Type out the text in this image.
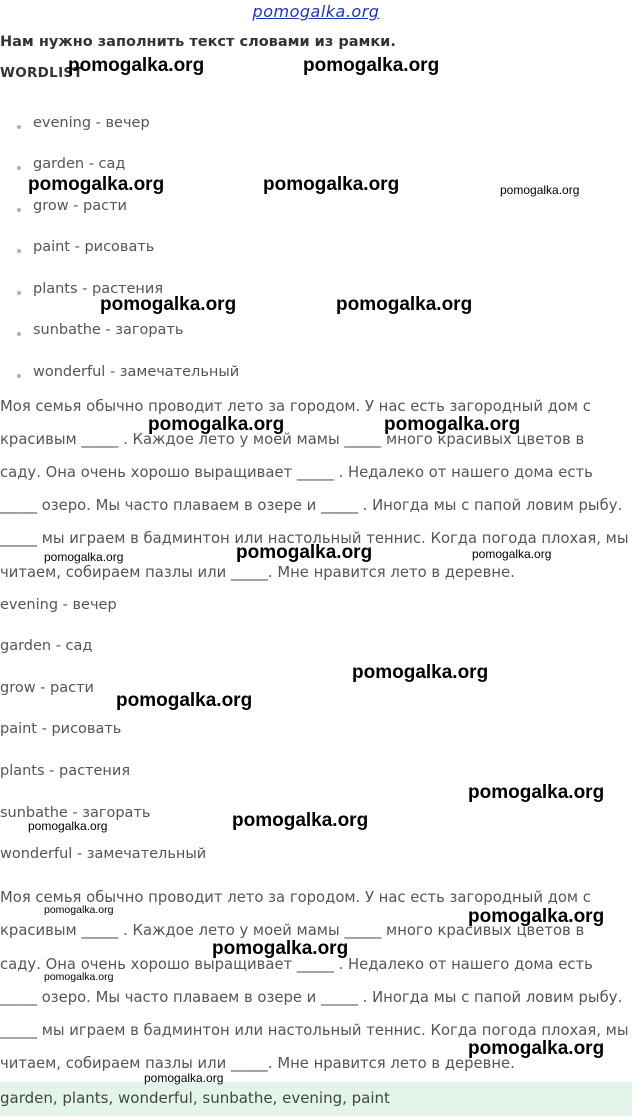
pomogalka.org
Нам нужно заполнить текст словами из рамки.
WORDLIST
evening - вечер
garden - сад
grow - расти
paint - рисовать
plants - растения
sunbathe - загорать
wonderful - замечательный
Моя семья обычно проводит лето за городом. У нас есть загородный дом с
красивым _____ . Каждое лето у моей мамы _____ много красивых цветов в
саду. Она очень хорошо выращивает _____ . Недалеко от нашего дома есть
_____ озеро. Мы часто плаваем в озере и _____ . Иногда мы с папой ловим рыбу.
_____ мы играем в бадминтон или настольный теннис. Когда погода плохая, мы
читаем, собираем пазлы или _____. Мне нравится лето в деревне.
evening - вечер
garden - сад
grow - расти
paint - рисовать
plants - растения
sunbathe - загорать
wonderful - замечательный
Моя семья обычно проводит лето за городом. У нас есть загородный дом с
красивым _____ . Каждое лето у моей мамы _____ много красивых цветов в
саду. Она очень хорошо выращивает _____ . Недалеко от нашего дома есть
_____ озеро. Мы часто плаваем в озере и _____ . Иногда мы с папой ловим рыбу.
_____ мы играем в бадминтон или настольный теннис. Когда погода плохая, мы
читаем, собираем пазлы или _____. Мне нравится лето в деревне.
garden, plants, wonderful, sunbathe, evening, paint
pomogalka.org	pomogalka.org
pomogalka.org	pomogalka.org	pomogalka.org
pomogalka.org	pomogalka.org
pomogalka.org	pomogalka.org
pomogalka.org	pomogalka.org	pomogalka.org
pomogalka.org
pomogalka.org
pomogalka.org
pomogalka.org	pomogalka.org
pomogalka.org	pomogalka.org
pomogalka.org
pomogalka.org
pomogalka.org
pomogalka.org
